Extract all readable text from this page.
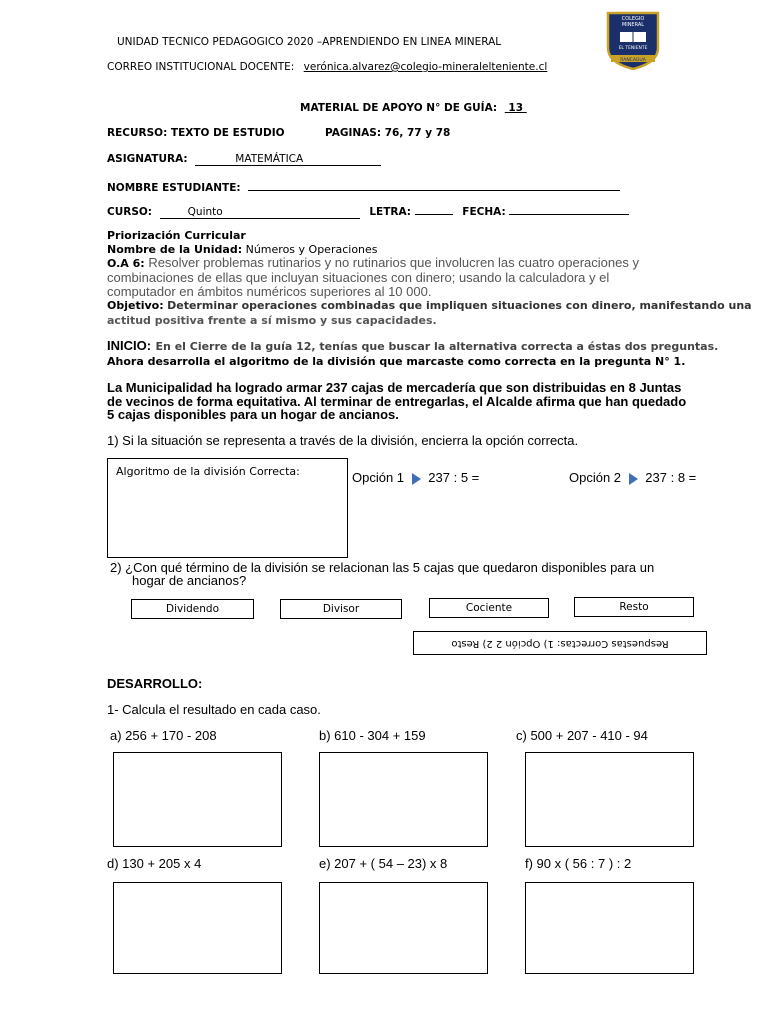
COLEGIO
MINERAL
EL TENIENTE
RANCAGUA
UNIDAD TECNICO PEDAGOGICO 2020 –APRENDIENDO EN LINEA MINERAL
CORREO INSTITUCIONAL DOCENTE: verónica.alvarez@colegio-mineralelteniente.cl
MATERIAL DE APOYO N° DE GUÍA: 13
RECURSO: TEXTO DE ESTUDIO	PAGINAS: 76, 77 y 78
ASIGNATURA:	MATEMÁTICA
NOMBRE ESTUDIANTE:
CURSO:	Quinto	LETRA:	FECHA:
Priorización Curricular
Nombre de la Unidad: Números y Operaciones
O.A 6: Resolver problemas rutinarios y no rutinarios que involucren las cuatro operaciones y
combinaciones de ellas que incluyan situaciones con dinero; usando la calculadora y el
computador en ámbitos numéricos superiores al 10 000.
Objetivo: Determinar operaciones combinadas que impliquen situaciones con dinero, manifestando una
actitud positiva frente a sí mismo y sus capacidades.
INICIO: En el Cierre de la guía 12, tenías que buscar la alternativa correcta a éstas dos preguntas.
Ahora desarrolla el algoritmo de la división que marcaste como correcta en la pregunta N° 1.
La Municipalidad ha logrado armar 237 cajas de mercadería que son distribuidas en 8 Juntas
de vecinos de forma equitativa. Al terminar de entregarlas, el Alcalde afirma que han quedado
5 cajas disponibles para un hogar de ancianos.
1) Si la situación se representa a través de la división, encierra la opción correcta.
Algoritmo de la división Correcta:	Opción 1 237 : 5 =	Opción 2 237 : 8 =
2) ¿Con qué término de la división se relacionan las 5 cajas que quedaron disponibles para un
hogar de ancianos?
Dividendo	Divisor	Cociente	Resto
Respuestas Correctas: 1) Opción 2 2) Resto
DESARROLLO:
1- Calcula el resultado en cada caso.
a) 256 + 170 - 208	b) 610 - 304 + 159	c) 500 + 207 - 410 - 94
d) 130 + 205 x 4	e) 207 + ( 54 – 23) x 8	f) 90 x ( 56 : 7 ) : 2
